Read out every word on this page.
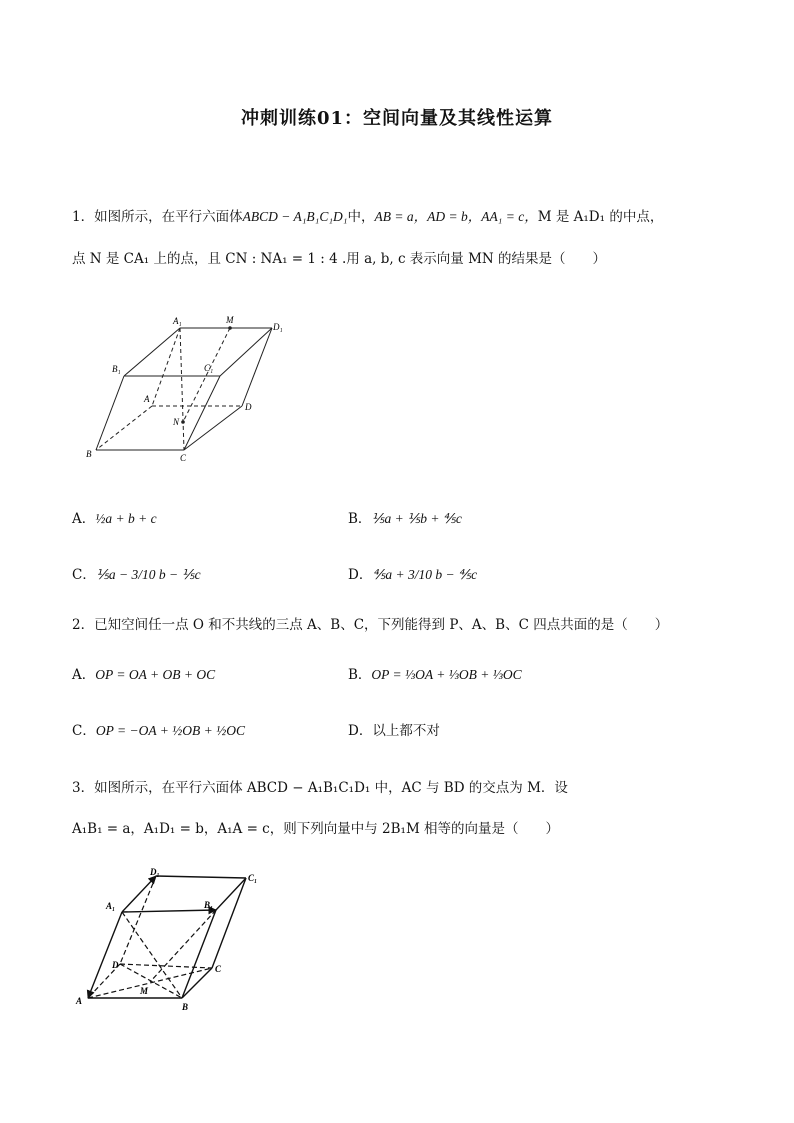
冲刺训练01：空间向量及其线性运算
1．如图所示，在平行六面体ABCD − A₁B₁C₁D₁中，AB = a，AD = b，AA₁ = c，M 是 A₁D₁ 的中点，
点 N 是 CA₁ 上的点，且 CN : NA₁ = 1 : 4 .用 a, b, c 表示向量 MN 的结果是（　　）
A₁	M
D₁
B₁	C₁
A
D
N
B	C
A．½a + b + c	B．⅕a + ⅕b + ⅘c
C．⅕a − 3/10 b − ⅕c	D．⅘a + 3/10 b − ⅘c
2．已知空间任一点 O 和不共线的三点 A、B、C，下列能得到 P、A、B、C 四点共面的是（　　）
A．OP = OA + OB + OC	B．OP = ⅓OA + ⅓OB + ⅓OC
C．OP = −OA + ½OB + ½OC	D．以上都不对
3．如图所示，在平行六面体 ABCD − A₁B₁C₁D₁ 中，AC 与 BD 的交点为 M．设
A₁B₁ = a，A₁D₁ = b，A₁A = c，则下列向量中与 2B₁M 相等的向量是（　　）
D₁
C₁
A₁	B₁
D	C
M
A
B
